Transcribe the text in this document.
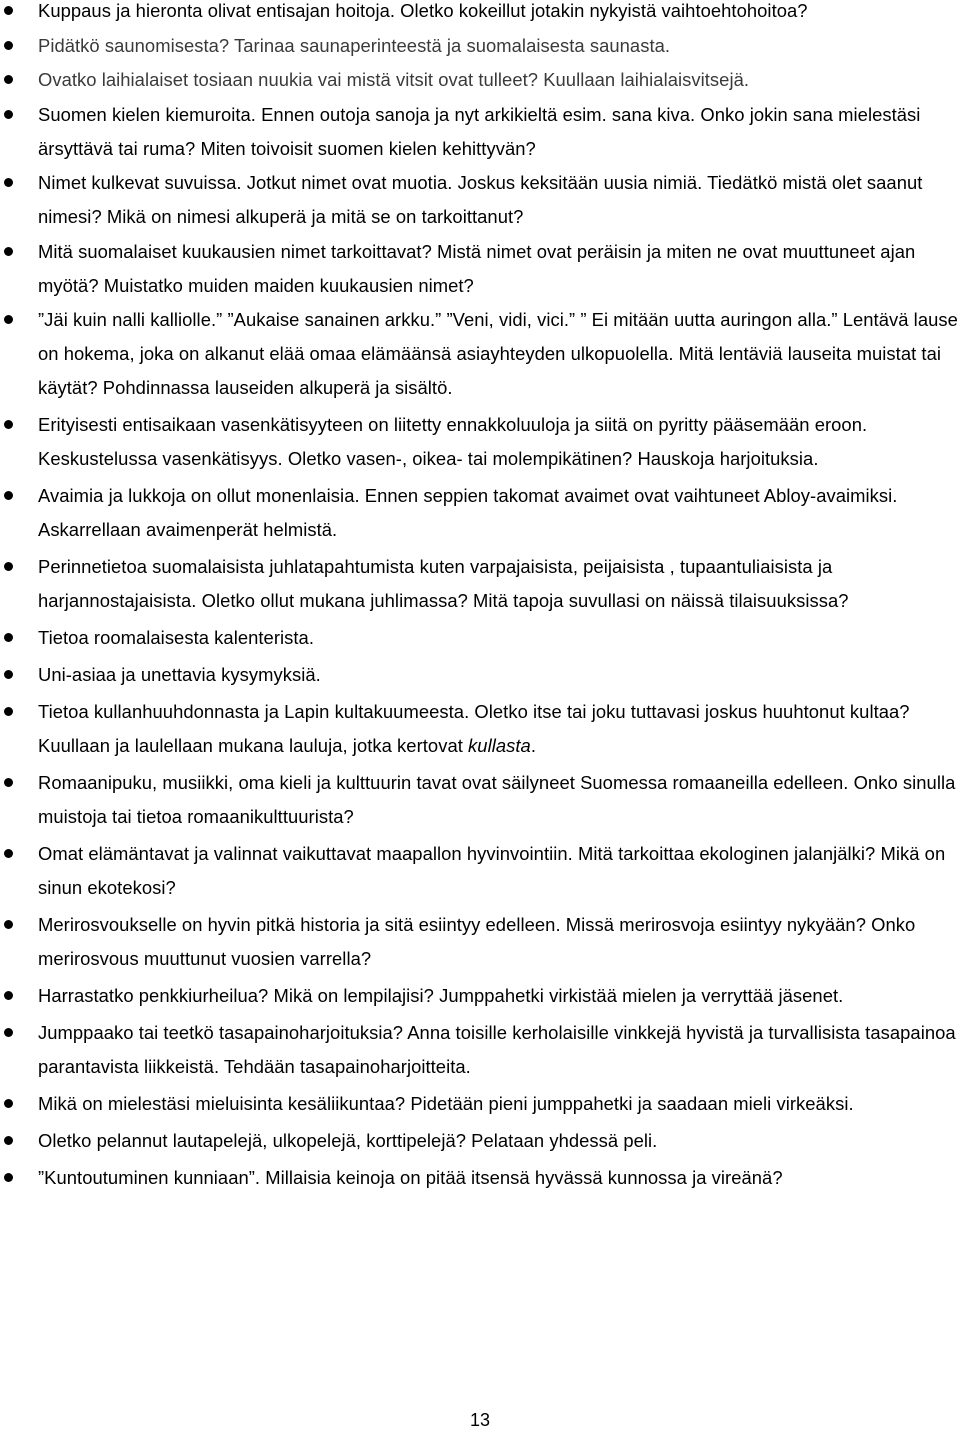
Kuppaus ja hieronta olivat entisajan hoitoja. Oletko kokeillut jotakin nykyistä vaihtoehtohoitoa?
Pidätkö saunomisesta? Tarinaa saunaperinteestä ja suomalaisesta saunasta.
Ovatko laihialaiset tosiaan nuukia vai mistä vitsit ovat tulleet? Kuullaan laihialaisvitsejä.
Suomen kielen kiemuroita. Ennen outoja sanoja ja nyt arkikieltä esim. sana kiva. Onko jokin sana mielestäsi ärsyttävä tai ruma? Miten toivoisit suomen kielen kehittyvän?
Nimet kulkevat suvuissa. Jotkut nimet ovat muotia. Joskus keksitään uusia nimiä. Tiedätkö mistä olet saanut nimesi? Mikä on nimesi alkuperä ja mitä se on tarkoittanut?
Mitä suomalaiset kuukausien nimet tarkoittavat? Mistä nimet ovat peräisin ja miten ne ovat muuttuneet ajan myötä? Muistatko muiden maiden kuukausien nimet?
”Jäi kuin nalli kalliolle.” ”Aukaise sanainen arkku.” ”Veni, vidi, vici.” ” Ei mitään uutta auringon alla.” Lentävä lause on hokema, joka on alkanut elää omaa elämäänsä asiayhteyden ulkopuolella. Mitä lentäviä lauseita muistat tai käytät? Pohdinnassa lauseiden alkuperä ja sisältö.
Erityisesti entisaikaan vasenkätisyyteen on liitetty ennakkoluuloja ja siitä on pyritty pääsemään eroon. Keskustelussa vasenkätisyys. Oletko vasen-, oikea- tai molempikätinen? Hauskoja harjoituksia.
Avaimia ja lukkoja on ollut monenlaisia. Ennen seppien takomat avaimet ovat vaihtuneet Abloy-avaimiksi. Askarrellaan avaimenperät helmistä.
Perinnetietoa suomalaisista juhlatapahtumista kuten varpajaisista, peijaisista , tupaantuliaisista ja harjannostajaisista. Oletko ollut mukana juhlimassa? Mitä tapoja suvullasi on näissä tilaisuuksissa?
Tietoa roomalaisesta kalenterista.
Uni-asiaa ja unettavia kysymyksiä.
Tietoa kullanhuuhdonnasta ja Lapin kultakuumeesta. Oletko itse tai joku tuttavasi joskus huuhtonut kultaa? Kuullaan ja laulellaan mukana lauluja, jotka kertovat kullasta.
Romaanipuku, musiikki, oma kieli ja kulttuurin tavat ovat säilyneet Suomessa romaaneilla edelleen. Onko sinulla muistoja tai tietoa romaanikulttuurista?
Omat elämäntavat ja valinnat vaikuttavat maapallon hyvinvointiin. Mitä tarkoittaa ekologinen jalanjälki? Mikä on sinun ekotekosi?
Merirosvoukselle on hyvin pitkä historia ja sitä esiintyy edelleen. Missä merirosvoja esiintyy nykyään? Onko merirosvous muuttunut vuosien varrella?
Harrastatko penkkiurheilua? Mikä on lempilajisi? Jumppahetki virkistää mielen ja verryttää jäsenet.
Jumppaako tai teetkö tasapainoharjoituksia? Anna toisille kerholaisille vinkkejä hyvistä ja turvallisista tasapainoa parantavista liikkeistä. Tehdään tasapainoharjoitteita.
Mikä on mielestäsi mieluisinta kesäliikuntaa? Pidetään pieni jumppahetki ja saadaan mieli virkeäksi.
Oletko pelannut lautapelejä, ulkopelejä, korttipelejä? Pelataan yhdessä peli.
”Kuntoutuminen kunniaan”. Millaisia keinoja on pitää itsensä hyvässä kunnossa ja vireänä?
13
